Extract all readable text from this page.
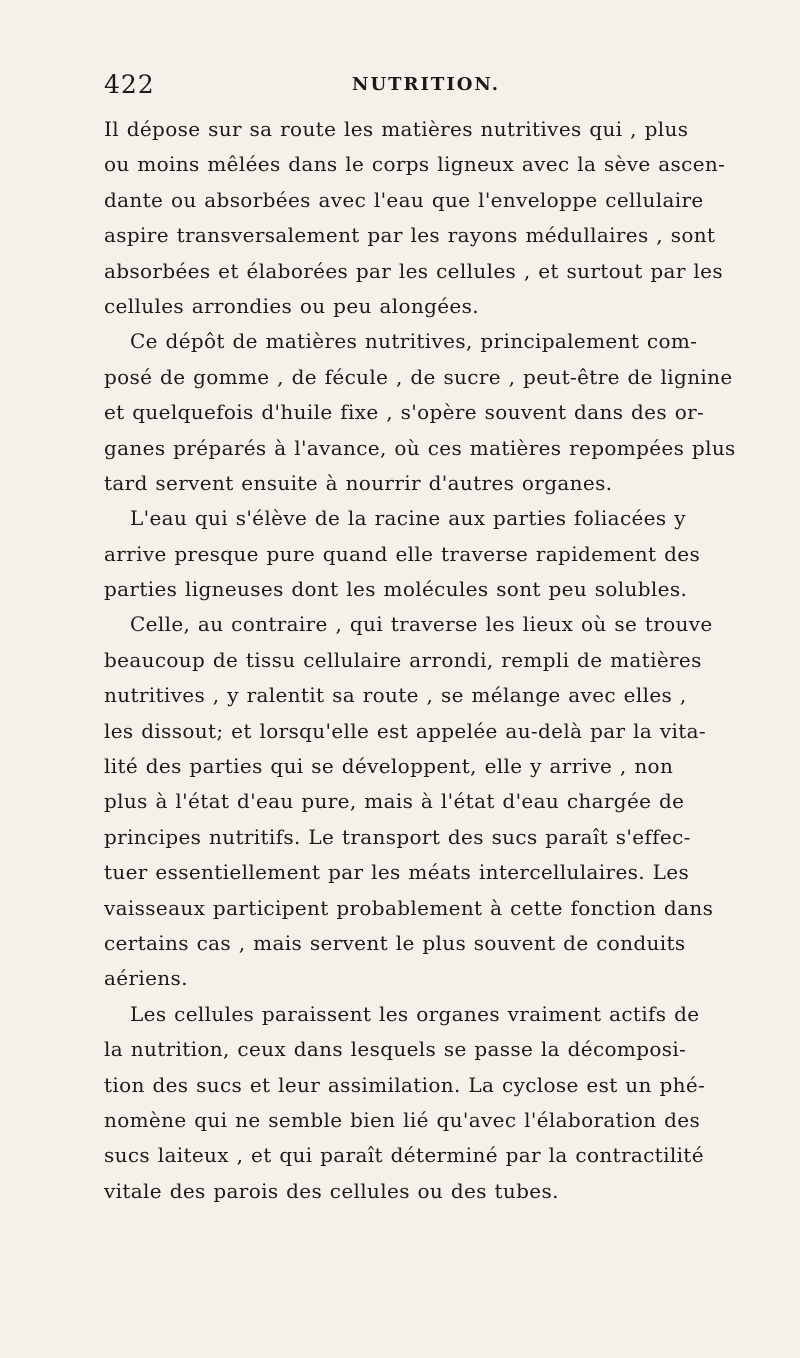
422	NUTRITION.
Il dépose sur sa route les matières nutritives qui , plus
ou moins mêlées dans le corps ligneux avec la sève ascen-
dante ou absorbées avec l'eau que l'enveloppe cellulaire
aspire transversalement par les rayons médullaires , sont
absorbées et élaborées par les cellules , et surtout par les
cellules arrondies ou peu alongées.
Ce dépôt de matières nutritives, principalement com-
posé de gomme , de fécule , de sucre , peut-être de lignine
et quelquefois d'huile fixe , s'opère souvent dans des or-
ganes préparés à l'avance, où ces matières repompées plus
tard servent ensuite à nourrir d'autres organes.
L'eau qui s'élève de la racine aux parties foliacées y
arrive presque pure quand elle traverse rapidement des
parties ligneuses dont les molécules sont peu solubles.
Celle, au contraire , qui traverse les lieux où se trouve
beaucoup de tissu cellulaire arrondi, rempli de matières
nutritives , y ralentit sa route , se mélange avec elles ,
les dissout; et lorsqu'elle est appelée au-delà par la vita-
lité des parties qui se développent, elle y arrive , non
plus à l'état d'eau pure, mais à l'état d'eau chargée de
principes nutritifs. Le transport des sucs paraît s'effec-
tuer essentiellement par les méats intercellulaires. Les
vaisseaux participent probablement à cette fonction dans
certains cas , mais servent le plus souvent de conduits
aériens.
Les cellules paraissent les organes vraiment actifs de
la nutrition, ceux dans lesquels se passe la décomposi-
tion des sucs et leur assimilation. La cyclose est un phé-
nomène qui ne semble bien lié qu'avec l'élaboration des
sucs laiteux , et qui paraît déterminé par la contractilité
vitale des parois des cellules ou des tubes.
